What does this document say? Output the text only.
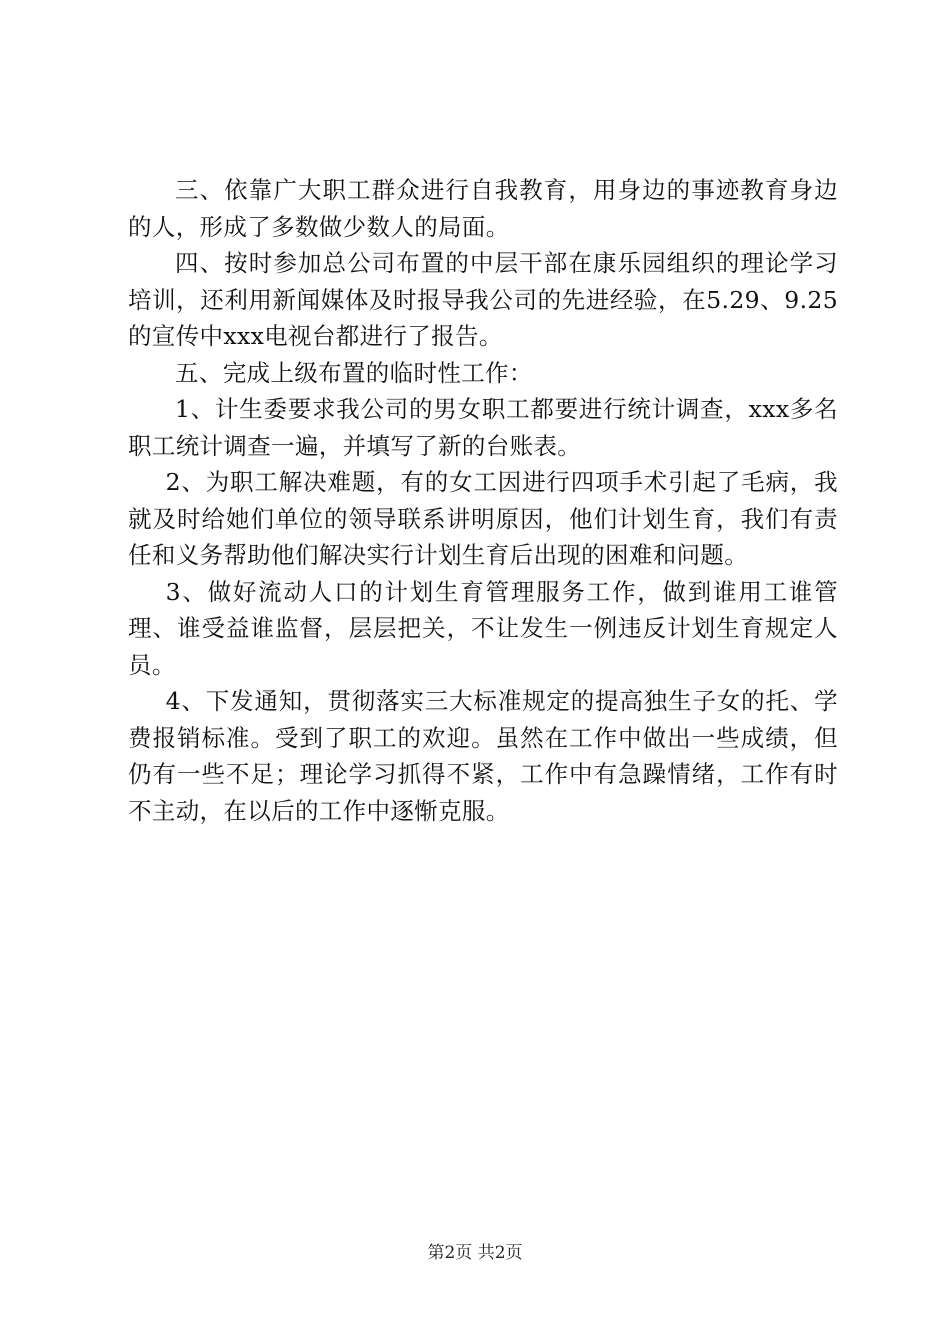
三、依靠广大职工群众进行自我教育，用身边的事迹教育身边的人，形成了多数做少数人的局面。

四、按时参加总公司布置的中层干部在康乐园组织的理论学习培训，还利用新闻媒体及时报导我公司的先进经验，在5.29、9.25的宣传中xxx电视台都进行了报告。

五、完成上级布置的临时性工作：

1、计生委要求我公司的男女职工都要进行统计调查，xxx多名职工统计调查一遍，并填写了新的台账表。

2、为职工解决难题，有的女工因进行四项手术引起了毛病，我就及时给她们单位的领导联系讲明原因，他们计划生育，我们有责任和义务帮助他们解决实行计划生育后出现的困难和问题。

3、做好流动人口的计划生育管理服务工作，做到谁用工谁管理、谁受益谁监督，层层把关，不让发生一例违反计划生育规定人员。

4、下发通知，贯彻落实三大标准规定的提高独生子女的托、学费报销标准。受到了职工的欢迎。虽然在工作中做出一些成绩，但仍有一些不足；理论学习抓得不紧，工作中有急躁情绪，工作有时不主动，在以后的工作中逐惭克服。

第2页 共2页
